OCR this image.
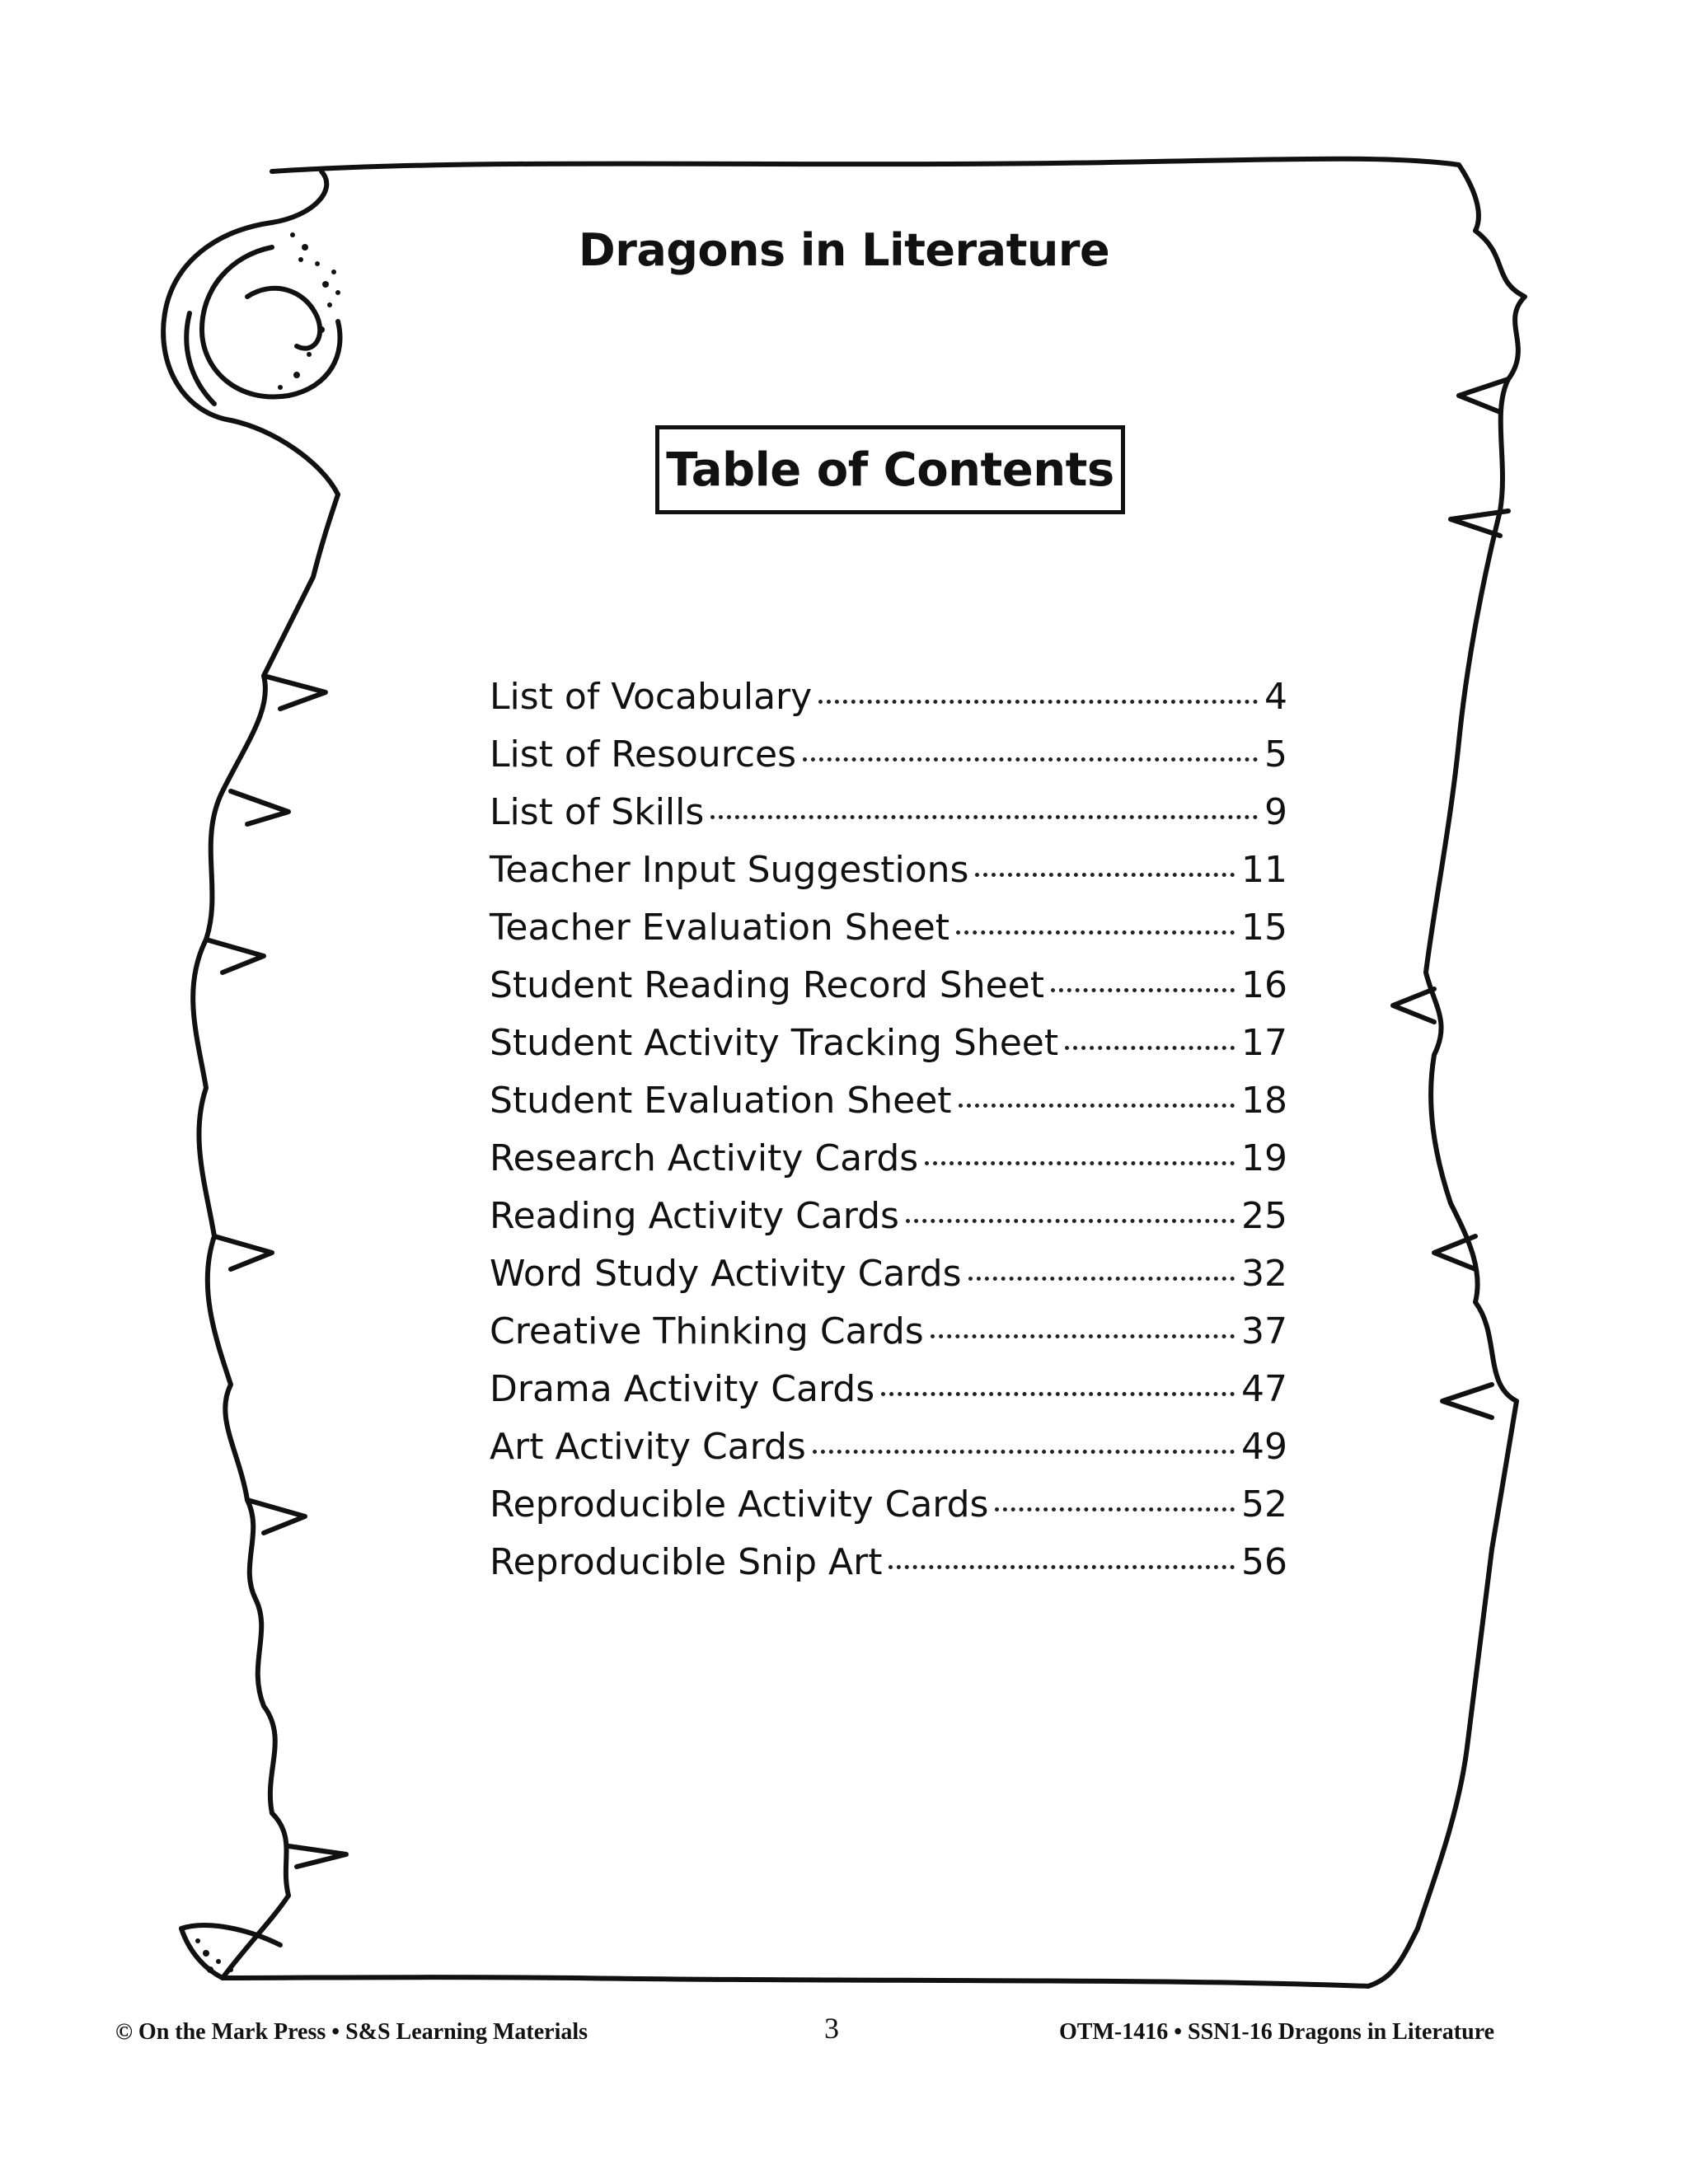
Dragons in Literature
Table of Contents
List of Vocabulary	4
List of Resources	5
List of Skills	9
Teacher Input Suggestions	11
Teacher Evaluation Sheet	15
Student Reading Record Sheet	16
Student Activity Tracking Sheet	17
Student Evaluation Sheet	18
Research Activity Cards	19
Reading Activity Cards	25
Word Study Activity Cards	32
Creative Thinking Cards	37
Drama Activity Cards	47
Art Activity Cards	49
Reproducible Activity Cards	52
Reproducible Snip Art	56
© On the Mark Press • S&S Learning Materials	3	OTM-1416 • SSN1-16 Dragons in Literature
